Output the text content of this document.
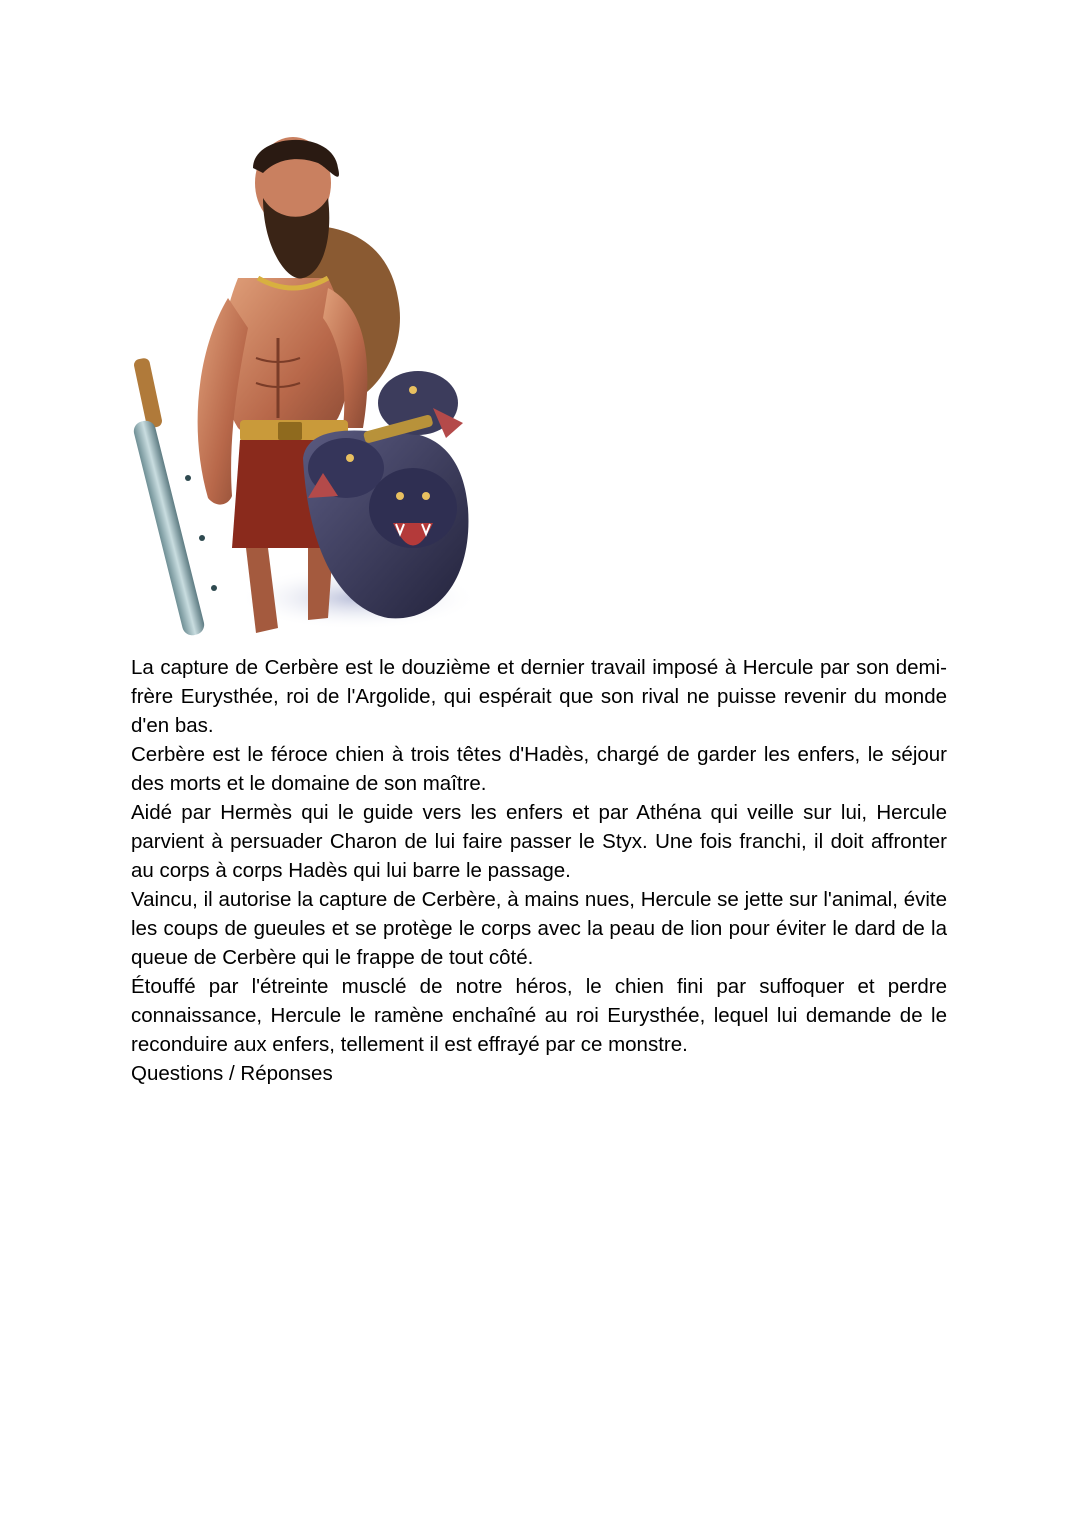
La capture de Cerbère est le douzième et dernier travail imposé à Hercule par son demi-frère Eurysthée, roi de l'Argolide, qui espérait que son rival ne puisse revenir du monde d'en bas.

Cerbère est le féroce chien à trois têtes d'Hadès, chargé de garder les enfers, le séjour des morts et le domaine de son maître.

Aidé par Hermès qui le guide vers les enfers et par Athéna qui veille sur lui, Hercule parvient à persuader Charon de lui faire passer le Styx. Une fois franchi, il doit affronter au corps à corps Hadès qui lui barre le passage.

Vaincu, il autorise la capture de Cerbère, à mains nues, Hercule se jette sur l'animal, évite les coups de gueules et se protège le corps avec la peau de lion pour éviter le dard de la queue de Cerbère qui le frappe de tout côté.

Étouffé par l'étreinte musclé de notre héros, le chien fini par suffoquer et perdre connaissance, Hercule le ramène enchaîné au roi Eurysthée, lequel lui demande de le reconduire aux enfers, tellement il est effrayé par ce monstre.

Questions / Réponses
